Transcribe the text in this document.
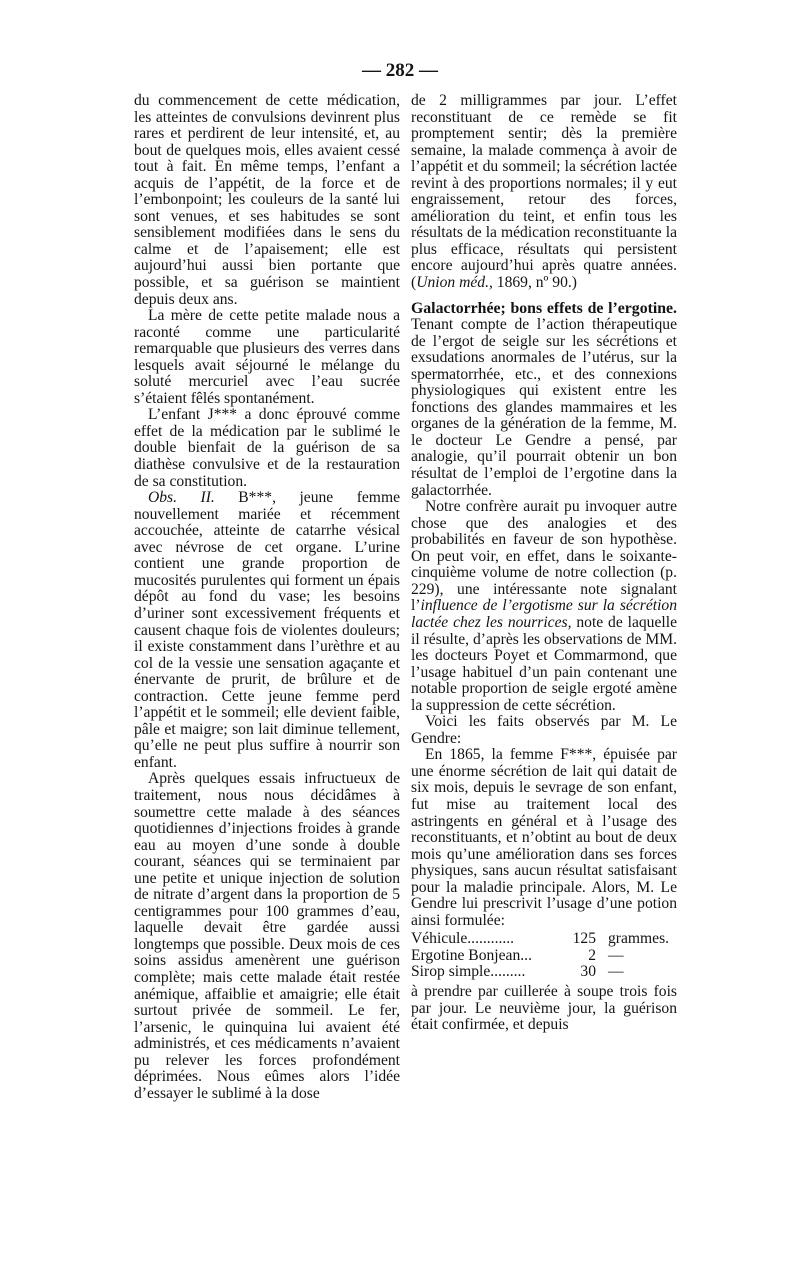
— 282 —

du commencement de cette médication, les atteintes de convulsions devinrent plus rares et perdirent de leur intensité, et, au bout de quelques mois, elles avaient cessé tout à fait. En même temps, l’enfant a acquis de l’appétit, de la force et de l’embonpoint; les couleurs de la santé lui sont venues, et ses habitudes se sont sensiblement modifiées dans le sens du calme et de l’apaisement; elle est aujourd’hui aussi bien portante que possible, et sa guérison se maintient depuis deux ans.

La mère de cette petite malade nous a raconté comme une particularité remarquable que plusieurs des verres dans lesquels avait séjourné le mélange du soluté mercuriel avec l’eau sucrée s’étaient fêlés spontanément.

L’enfant J*** a donc éprouvé comme effet de la médication par le sublimé le double bienfait de la guérison de sa diathèse convulsive et de la restauration de sa constitution.

Obs. II. B***, jeune femme nouvellement mariée et récemment accouchée, atteinte de catarrhe vésical avec névrose de cet organe. L’urine contient une grande proportion de mucosités purulentes qui forment un épais dépôt au fond du vase; les besoins d’uriner sont excessivement fréquents et causent chaque fois de violentes douleurs; il existe constamment dans l’urèthre et au col de la vessie une sensation agaçante et énervante de prurit, de brûlure et de contraction. Cette jeune femme perd l’appétit et le sommeil; elle devient faible, pâle et maigre; son lait diminue tellement, qu’elle ne peut plus suffire à nourrir son enfant.

Après quelques essais infructueux de traitement, nous nous décidâmes à soumettre cette malade à des séances quotidiennes d’injections froides à grande eau au moyen d’une sonde à double courant, séances qui se terminaient par une petite et unique injection de solution de nitrate d’argent dans la proportion de 5 centigrammes pour 100 grammes d’eau, laquelle devait être gardée aussi longtemps que possible. Deux mois de ces soins assidus amenèrent une guérison complète; mais cette malade était restée anémique, affaiblie et amaigrie; elle était surtout privée de sommeil. Le fer, l’arsenic, le quinquina lui avaient été administrés, et ces médicaments n’avaient pu relever les forces profondément déprimées. Nous eûmes alors l’idée d’essayer le sublimé à la dose

de 2 milligrammes par jour. L’effet reconstituant de ce remède se fit promptement sentir; dès la première semaine, la malade commença à avoir de l’appétit et du sommeil; la sécrétion lactée revint à des proportions normales; il y eut engraissement, retour des forces, amélioration du teint, et enfin tous les résultats de la médication reconstituante la plus efficace, résultats qui persistent encore aujourd’hui après quatre années. (Union méd., 1869, nº 90.)

Galactorrhée; bons effets de l’ergotine. Tenant compte de l’action thérapeutique de l’ergot de seigle sur les sécrétions et exsudations anormales de l’utérus, sur la spermatorrhée, etc., et des connexions physiologiques qui existent entre les fonctions des glandes mammaires et les organes de la génération de la femme, M. le docteur Le Gendre a pensé, par analogie, qu’il pourrait obtenir un bon résultat de l’emploi de l’ergotine dans la galactorrhée.

Notre confrère aurait pu invoquer autre chose que des analogies et des probabilités en faveur de son hypothèse. On peut voir, en effet, dans le soixante-cinquième volume de notre collection (p. 229), une intéressante note signalant l’influence de l’ergotisme sur la sécrétion lactée chez les nourrices, note de laquelle il résulte, d’après les observations de MM. les docteurs Poyet et Commarmond, que l’usage habituel d’un pain contenant une notable proportion de seigle ergoté amène la suppression de cette sécrétion.

Voici les faits observés par M. Le Gendre:

En 1865, la femme F***, épuisée par une énorme sécrétion de lait qui datait de six mois, depuis le sevrage de son enfant, fut mise au traitement local des astringents en général et à l’usage des reconstituants, et n’obtint au bout de deux mois qu’une amélioration dans ses forces physiques, sans aucun résultat satisfaisant pour la maladie principale. Alors, M. Le Gendre lui prescrivit l’usage d’une potion ainsi formulée:

Véhicule............	125 grammes.
Ergotine Bonjean...	2 —
Sirop simple.........	30 —

à prendre par cuillerée à soupe trois fois par jour. Le neuvième jour, la guérison était confirmée, et depuis
